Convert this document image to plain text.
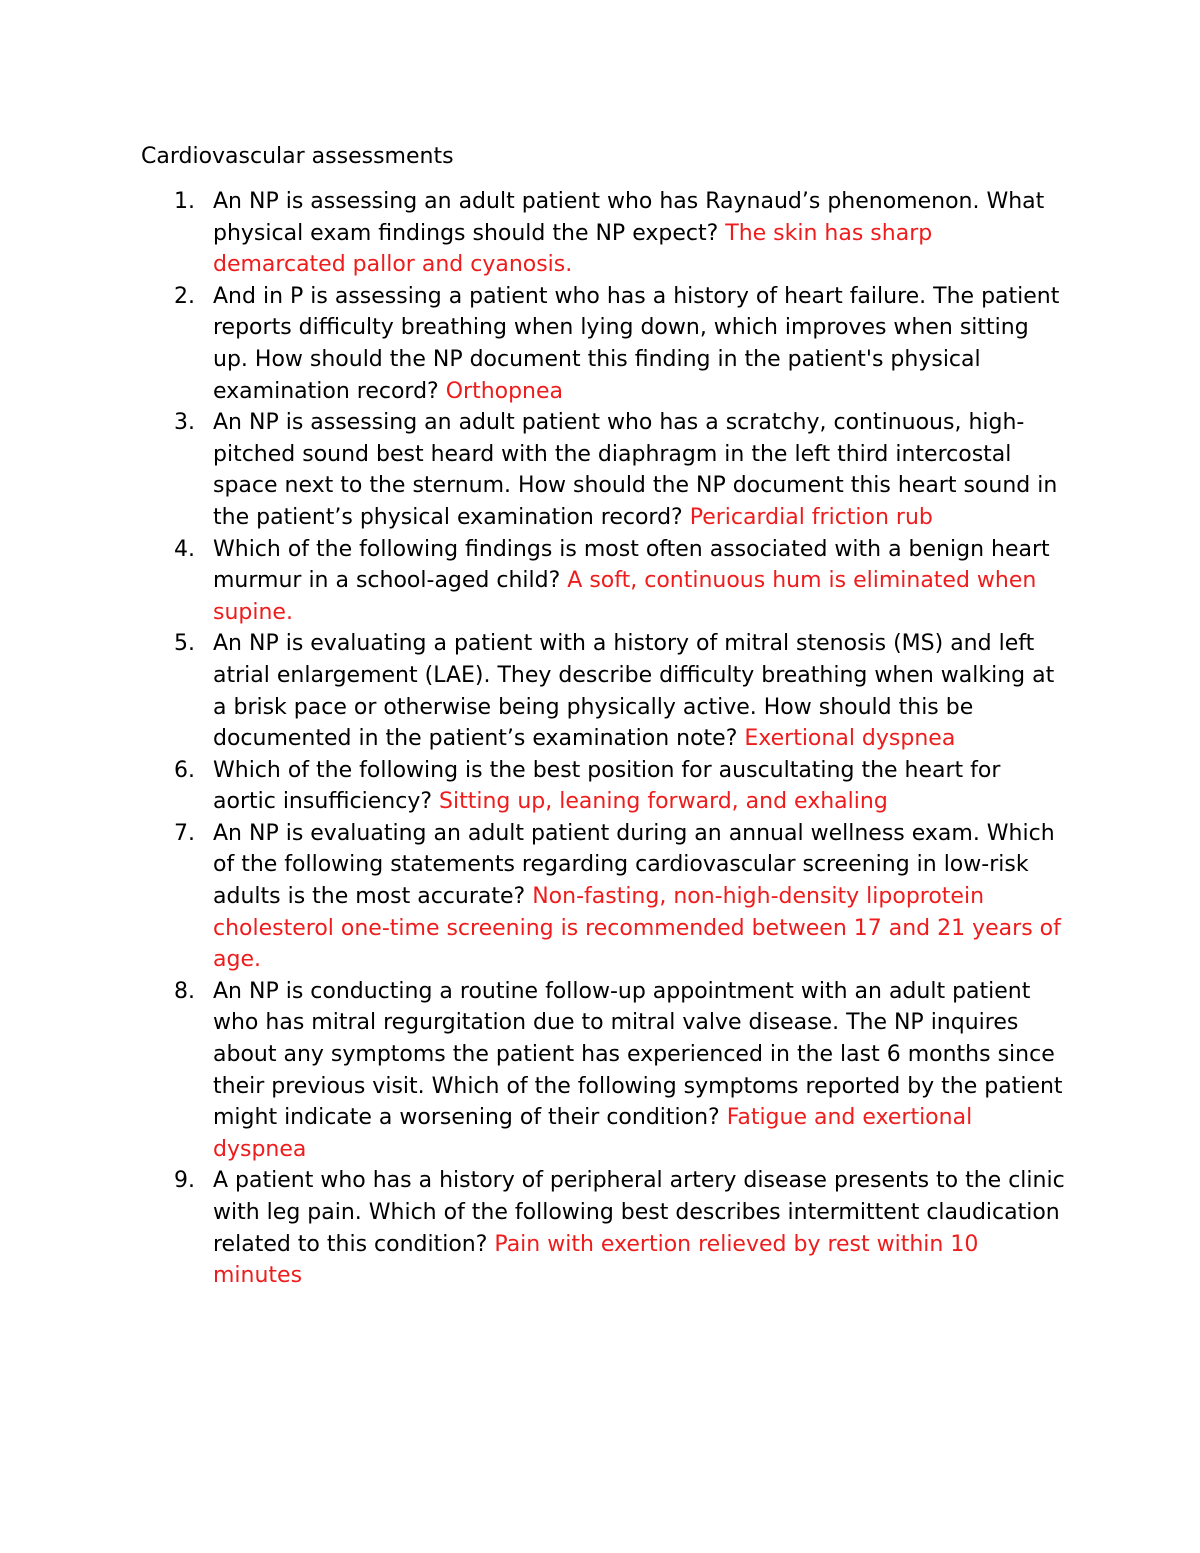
Cardiovascular assessments
1. An NP is assessing an adult patient who has Raynaud’s phenomenon. What physical exam findings should the NP expect? The skin has sharp demarcated pallor and cyanosis.
2. And in P is assessing a patient who has a history of heart failure. The patient reports difficulty breathing when lying down, which improves when sitting up. How should the NP document this finding in the patient's physical examination record? Orthopnea
3. An NP is assessing an adult patient who has a scratchy, continuous, high-pitched sound best heard with the diaphragm in the left third intercostal space next to the sternum. How should the NP document this heart sound in the patient’s physical examination record? Pericardial friction rub
4. Which of the following findings is most often associated with a benign heart murmur in a school-aged child? A soft, continuous hum is eliminated when supine.
5. An NP is evaluating a patient with a history of mitral stenosis (MS) and left atrial enlargement (LAE). They describe difficulty breathing when walking at a brisk pace or otherwise being physically active. How should this be documented in the patient’s examination note? Exertional dyspnea
6. Which of the following is the best position for auscultating the heart for aortic insufficiency? Sitting up, leaning forward, and exhaling
7. An NP is evaluating an adult patient during an annual wellness exam. Which of the following statements regarding cardiovascular screening in low-risk adults is the most accurate? Non-fasting, non-high-density lipoprotein cholesterol one-time screening is recommended between 17 and 21 years of age.
8. An NP is conducting a routine follow-up appointment with an adult patient who has mitral regurgitation due to mitral valve disease. The NP inquires about any symptoms the patient has experienced in the last 6 months since their previous visit. Which of the following symptoms reported by the patient might indicate a worsening of their condition? Fatigue and exertional dyspnea
9. A patient who has a history of peripheral artery disease presents to the clinic with leg pain. Which of the following best describes intermittent claudication related to this condition? Pain with exertion relieved by rest within 10 minutes
